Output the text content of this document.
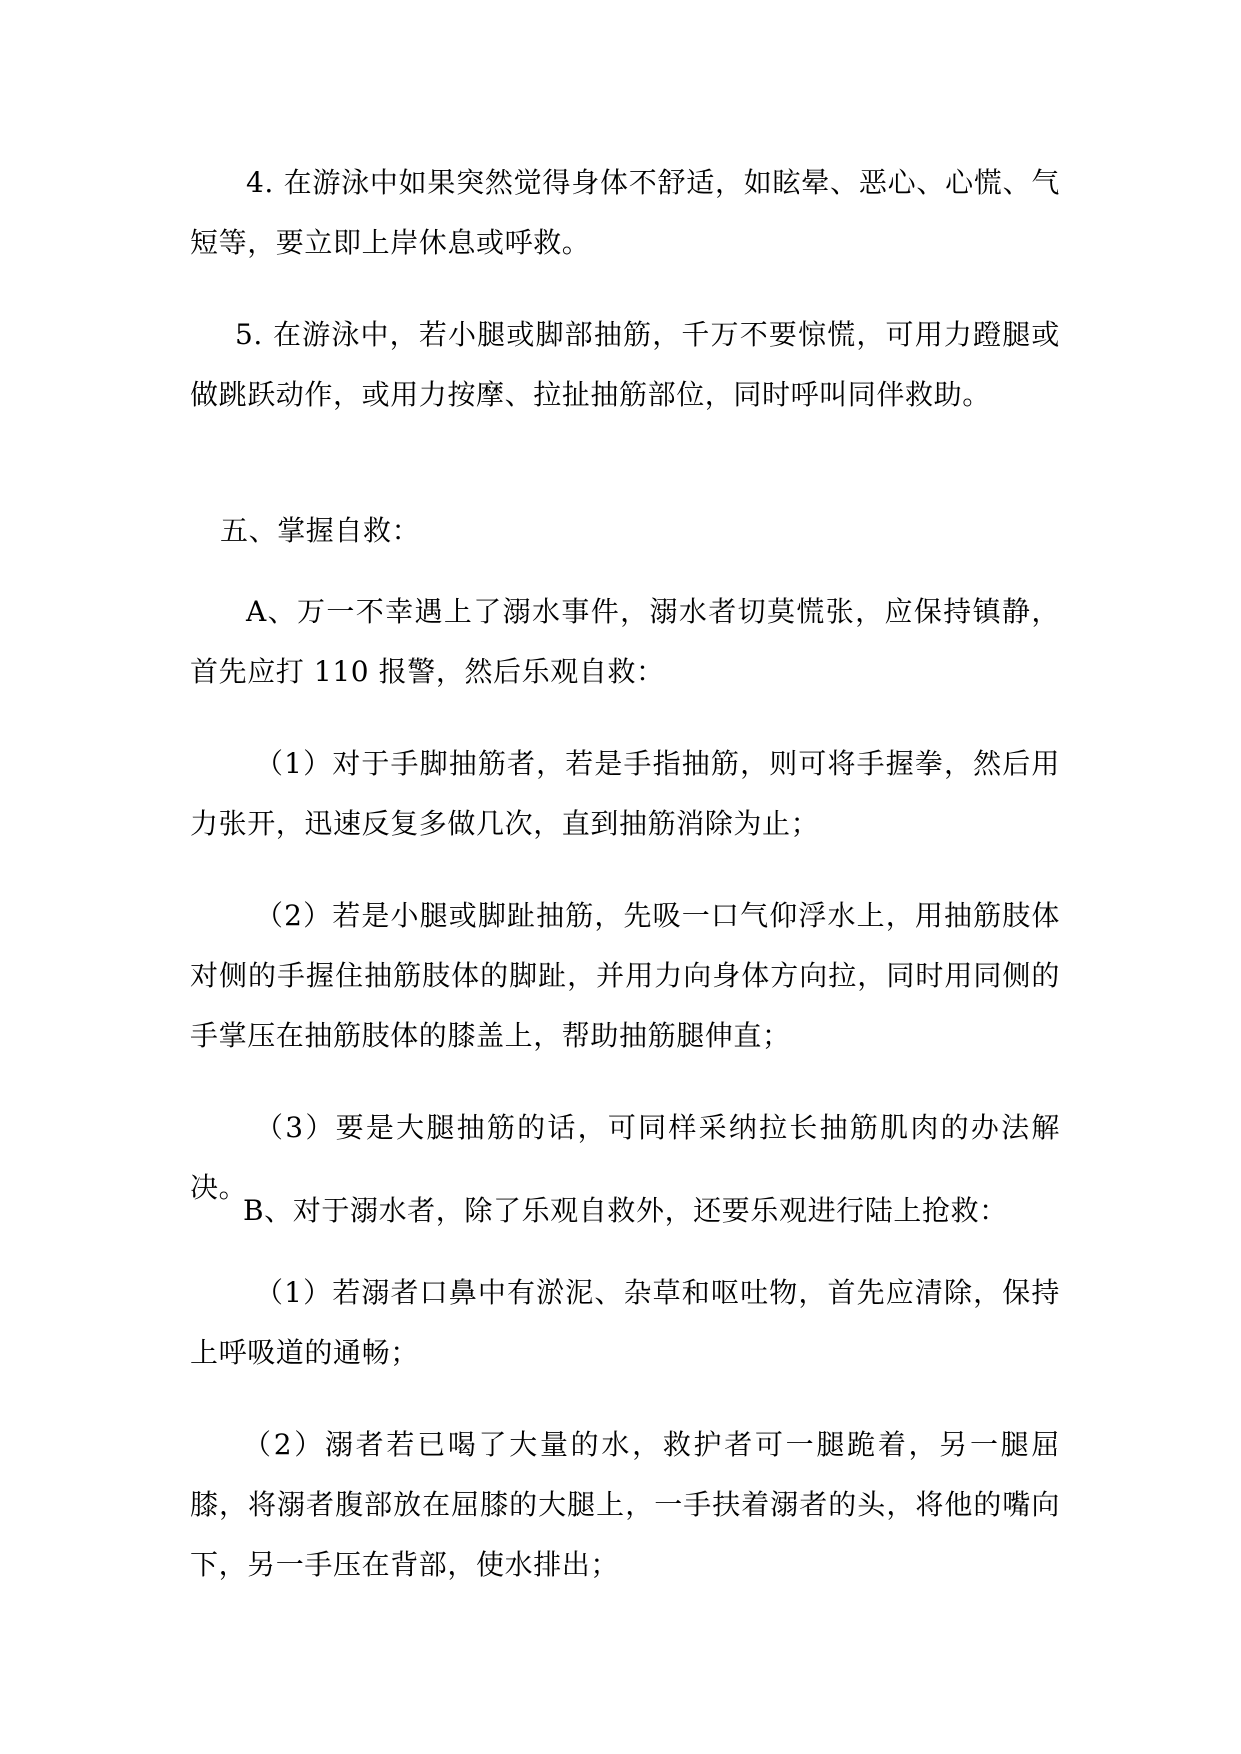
4. 在游泳中如果突然觉得身体不舒适，如眩晕、恶心、心慌、气短等，要立即上岸休息或呼救。

5. 在游泳中，若小腿或脚部抽筋，千万不要惊慌，可用力蹬腿或做跳跃动作，或用力按摩、拉扯抽筋部位，同时呼叫同伴救助。

五、掌握自救：

A、万一不幸遇上了溺水事件，溺水者切莫慌张，应保持镇静，首先应打 110 报警，然后乐观自救：

（1）对于手脚抽筋者，若是手指抽筋，则可将手握拳，然后用力张开，迅速反复多做几次，直到抽筋消除为止；

（2）若是小腿或脚趾抽筋，先吸一口气仰浮水上，用抽筋肢体对侧的手握住抽筋肢体的脚趾，并用力向身体方向拉，同时用同侧的手掌压在抽筋肢体的膝盖上，帮助抽筋腿伸直；

（3）要是大腿抽筋的话，可同样采纳拉长抽筋肌肉的办法解决。

B、对于溺水者，除了乐观自救外，还要乐观进行陆上抢救：

（1）若溺者口鼻中有淤泥、杂草和呕吐物，首先应清除，保持上呼吸道的通畅；

（2）溺者若已喝了大量的水，救护者可一腿跪着，另一腿屈膝，将溺者腹部放在屈膝的大腿上，一手扶着溺者的头，将他的嘴向下，另一手压在背部，使水排出；
